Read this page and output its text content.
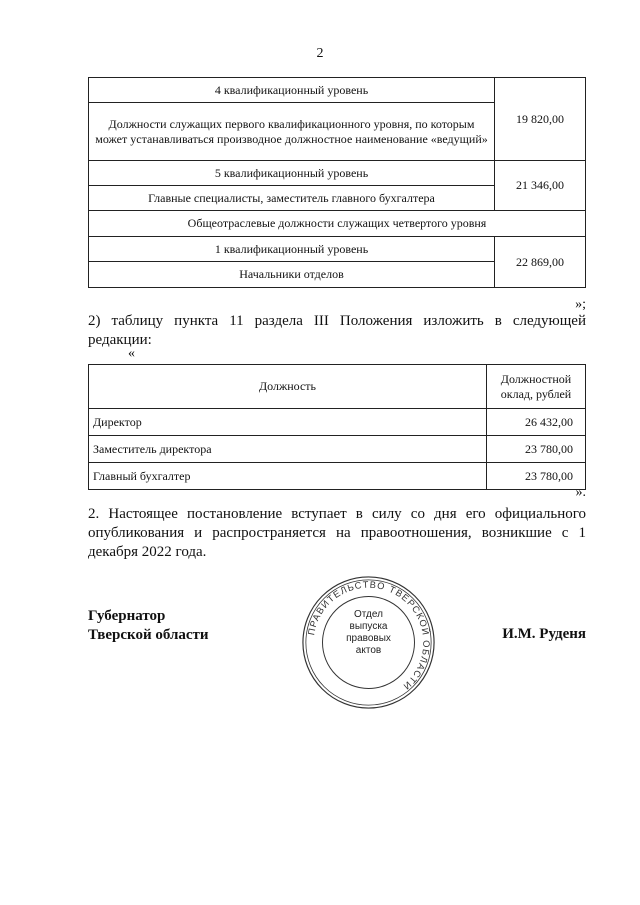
2
4 квалификационный уровень	19 820,00
Должности служащих первого квалификационного уровня, по которым может устанавливаться производное должностное наименование «ведущий»	
5 квалификационный уровень	21 346,00
Главные специалисты, заместитель главного бухгалтера	
Общеотраслевые должности служащих четвертого уровня	
1 квалификационный уровень	22 869,00
Начальники отделов	
»;
2) таблицу пункта 11 раздела III Положения изложить в следующей редакции:
«
Должность	Должностной оклад, рублей
Директор	26 432,00
Заместитель директора	23 780,00
Главный бухгалтер	23 780,00
».
2. Настоящее постановление вступает в силу со дня его официального опубликования и распространяется на правоотношения, возникшие с 1 декабря 2022 года.
Губернатор
Тверской области	ПРАВИТЕЛЬСТВО ТВЕРСКОЙ ОБЛАСТИ
Отдел
выпуска
правовых
актов
И.М. Руденя
